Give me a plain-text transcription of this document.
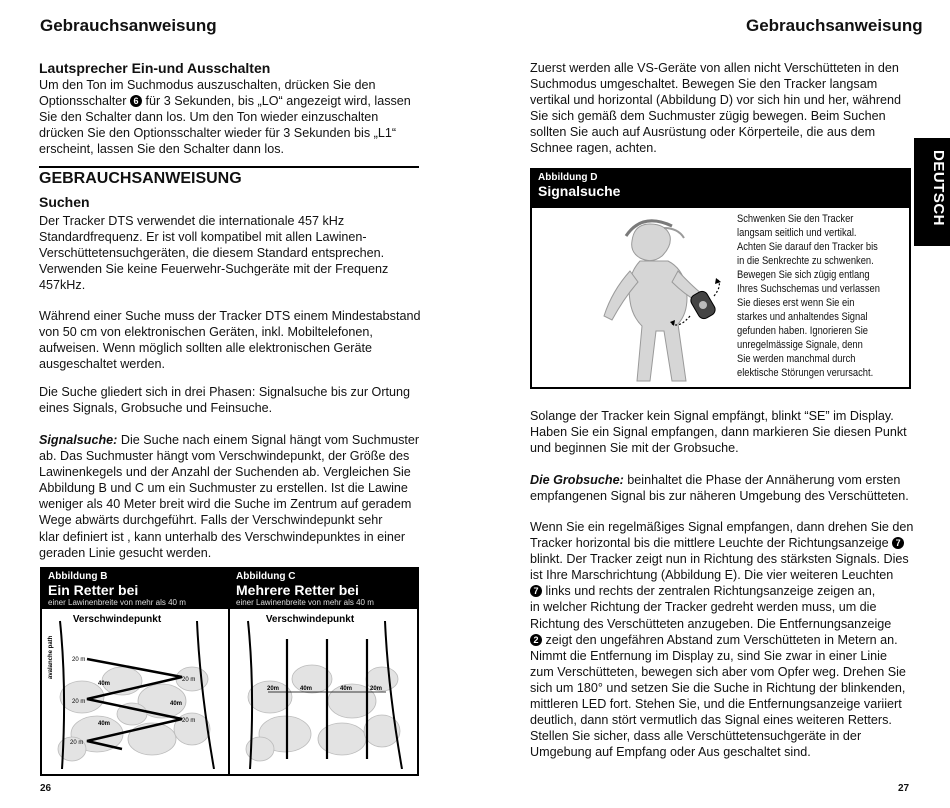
Gebrauchsanweisung
Lautsprecher Ein-und Ausschalten
Um den Ton im Suchmodus auszuschalten, drücken Sie den
Optionsschalter 6 für 3 Sekunden, bis „LO“ angezeigt wird, lassen
Sie den Schalter dann los. Um den Ton wieder einzuschalten
drücken Sie den Optionsschalter wieder für 3 Sekunden bis „L1“
erscheint, lassen Sie den Schalter dann los.
GEBRAUCHSANWEISUNG
Suchen
Der Tracker DTS verwendet die internationale 457 kHz
Standardfrequenz. Er ist voll kompatibel mit allen Lawinen-
Verschüttetensuchgeräten, die diesem Standard entsprechen.
Verwenden Sie keine Feuerwehr-Suchgeräte mit der Frequenz
457kHz.
Während einer Suche muss der Tracker DTS einem Mindestabstand
von 50 cm von elektronischen Geräten, inkl. Mobiltelefonen,
aufweisen. Wenn möglich sollten alle elektronischen Geräte
ausgeschaltet werden.
Die Suche gliedert sich in drei Phasen: Signalsuche bis zur Ortung
eines Signals, Grobsuche und Feinsuche.
Signalsuche: Die Suche nach einem Signal hängt vom Suchmuster
ab. Das Suchmuster hängt vom Verschwindepunkt, der Größe des
Lawinenkegels und der Anzahl der Suchenden ab. Vergleichen Sie
Abbildung B und C um ein Suchmuster zu erstellen. Ist die Lawine
weniger als 40 Meter breit wird die Suche im Zentrum auf geradem
Wege abwärts durchgeführt. Falls der Verschwindepunkt sehr
klar definiert ist , kann unterhalb des Verschwindepunktes in einer
geraden Linie gesucht werden.
Abbildung B
Ein Retter bei
einer Lawinenbreite von mehr als 40 m
Verschwindepunkt
avalanche path	20 m
20 m
20 m
20 m
20 m
40m
40m
40m
Abbildung C
Mehrere Retter bei
einer Lawinenbreite von mehr als 40 m
Verschwindepunkt
20m	40m	40m	20m
26
Gebrauchsanweisung
Zuerst werden alle VS-Geräte von allen nicht Verschütteten in den
Suchmodus umgeschaltet. Bewegen Sie den Tracker langsam
vertikal und horizontal (Abbildung D) vor sich hin und her, während
Sie sich gemäß dem Suchmuster zügig bewegen. Beim Suchen
sollten Sie auch auf Ausrüstung oder Körperteile, die aus dem
Schnee ragen, achten.
DEUTSCH
Abbildung D
Signalsuche
Schwenken Sie den Tracker
langsam seitlich und vertikal.
Achten Sie darauf den Tracker bis
in die Senkrechte zu schwenken.
Bewegen Sie sich zügig entlang
Ihres Suchschemas und verlassen
Sie dieses erst wenn Sie ein
starkes und anhaltendes Signal
gefunden haben. Ignorieren Sie
unregelmässige Signale, denn
Sie werden manchmal durch
elektische Störungen verursacht.
Solange der Tracker kein Signal empfängt, blinkt “SE” im Display.
Haben Sie ein Signal empfangen, dann markieren Sie diesen Punkt
und beginnen Sie mit der Grobsuche.
Die Grobsuche: beinhaltet die Phase der Annäherung vom ersten
empfangenen Signal bis zur näheren Umgebung des Verschütteten.
Wenn Sie ein regelmäßiges Signal empfangen, dann drehen Sie den
Tracker horizontal bis die mittlere Leuchte der Richtungsanzeige 7
blinkt. Der Tracker zeigt nun in Richtung des stärksten Signals. Dies
ist Ihre Marschrichtung (Abbildung E). Die vier weiteren Leuchten
7 links und rechts der zentralen Richtungsanzeige zeigen an,
in welcher Richtung der Tracker gedreht werden muss, um die
Richtung des Verschütteten anzugeben. Die Entfernungsanzeige
2 zeigt den ungefähren Abstand zum Verschütteten in Metern an.
Nimmt die Entfernung im Display zu, sind Sie zwar in einer Linie
zum Verschütteten, bewegen sich aber vom Opfer weg. Drehen Sie
sich um 180° und setzen Sie die Suche in Richtung der blinkenden,
mittleren LED fort. Stehen Sie, und die Entfernungsanzeige variiert
deutlich, dann stört vermutlich das Signal eines weiteren Retters.
Stellen Sie sicher, dass alle Verschüttetensuchgeräte in der
Umgebung auf Empfang oder Aus geschaltet sind.
27
